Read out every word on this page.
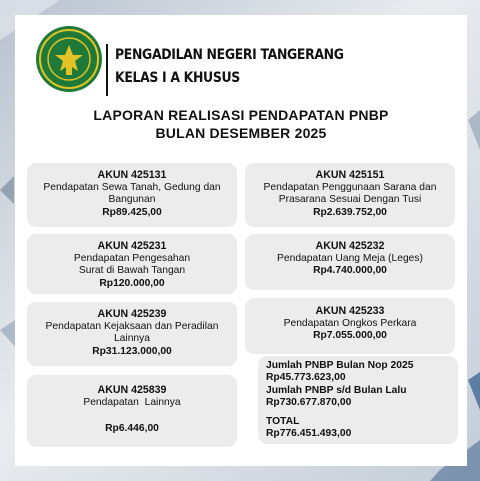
PENGADILAN NEGERI TANGERANG
KELAS I A KHUSUS
LAPORAN REALISASI PENDAPATAN PNBP
BULAN DESEMBER 2025
AKUN 425131
Pendapatan Sewa Tanah, Gedung dan Bangunan
Rp89.425,00
AKUN 425231
Pendapatan Pengesahan Surat di Bawah Tangan
Rp120.000,00
AKUN 425239
Pendapatan Kejaksaan dan Peradilan Lainnya
Rp31.123.000,00
AKUN 425839
Pendapatan  Lainnya
Rp6.446,00
AKUN 425151
Pendapatan Penggunaan Sarana dan Prasarana Sesuai Dengan Tusi
Rp2.639.752,00
AKUN 425232
Pendapatan Uang Meja (Leges)
Rp4.740.000,00
AKUN 425233
Pendapatan Ongkos Perkara
Rp7.055.000,00
Jumlah PNBP Bulan Nop 2025
Rp45.773.623,00
Jumlah PNBP s/d Bulan Lalu
Rp730.677.870,00
TOTAL
Rp776.451.493,00
